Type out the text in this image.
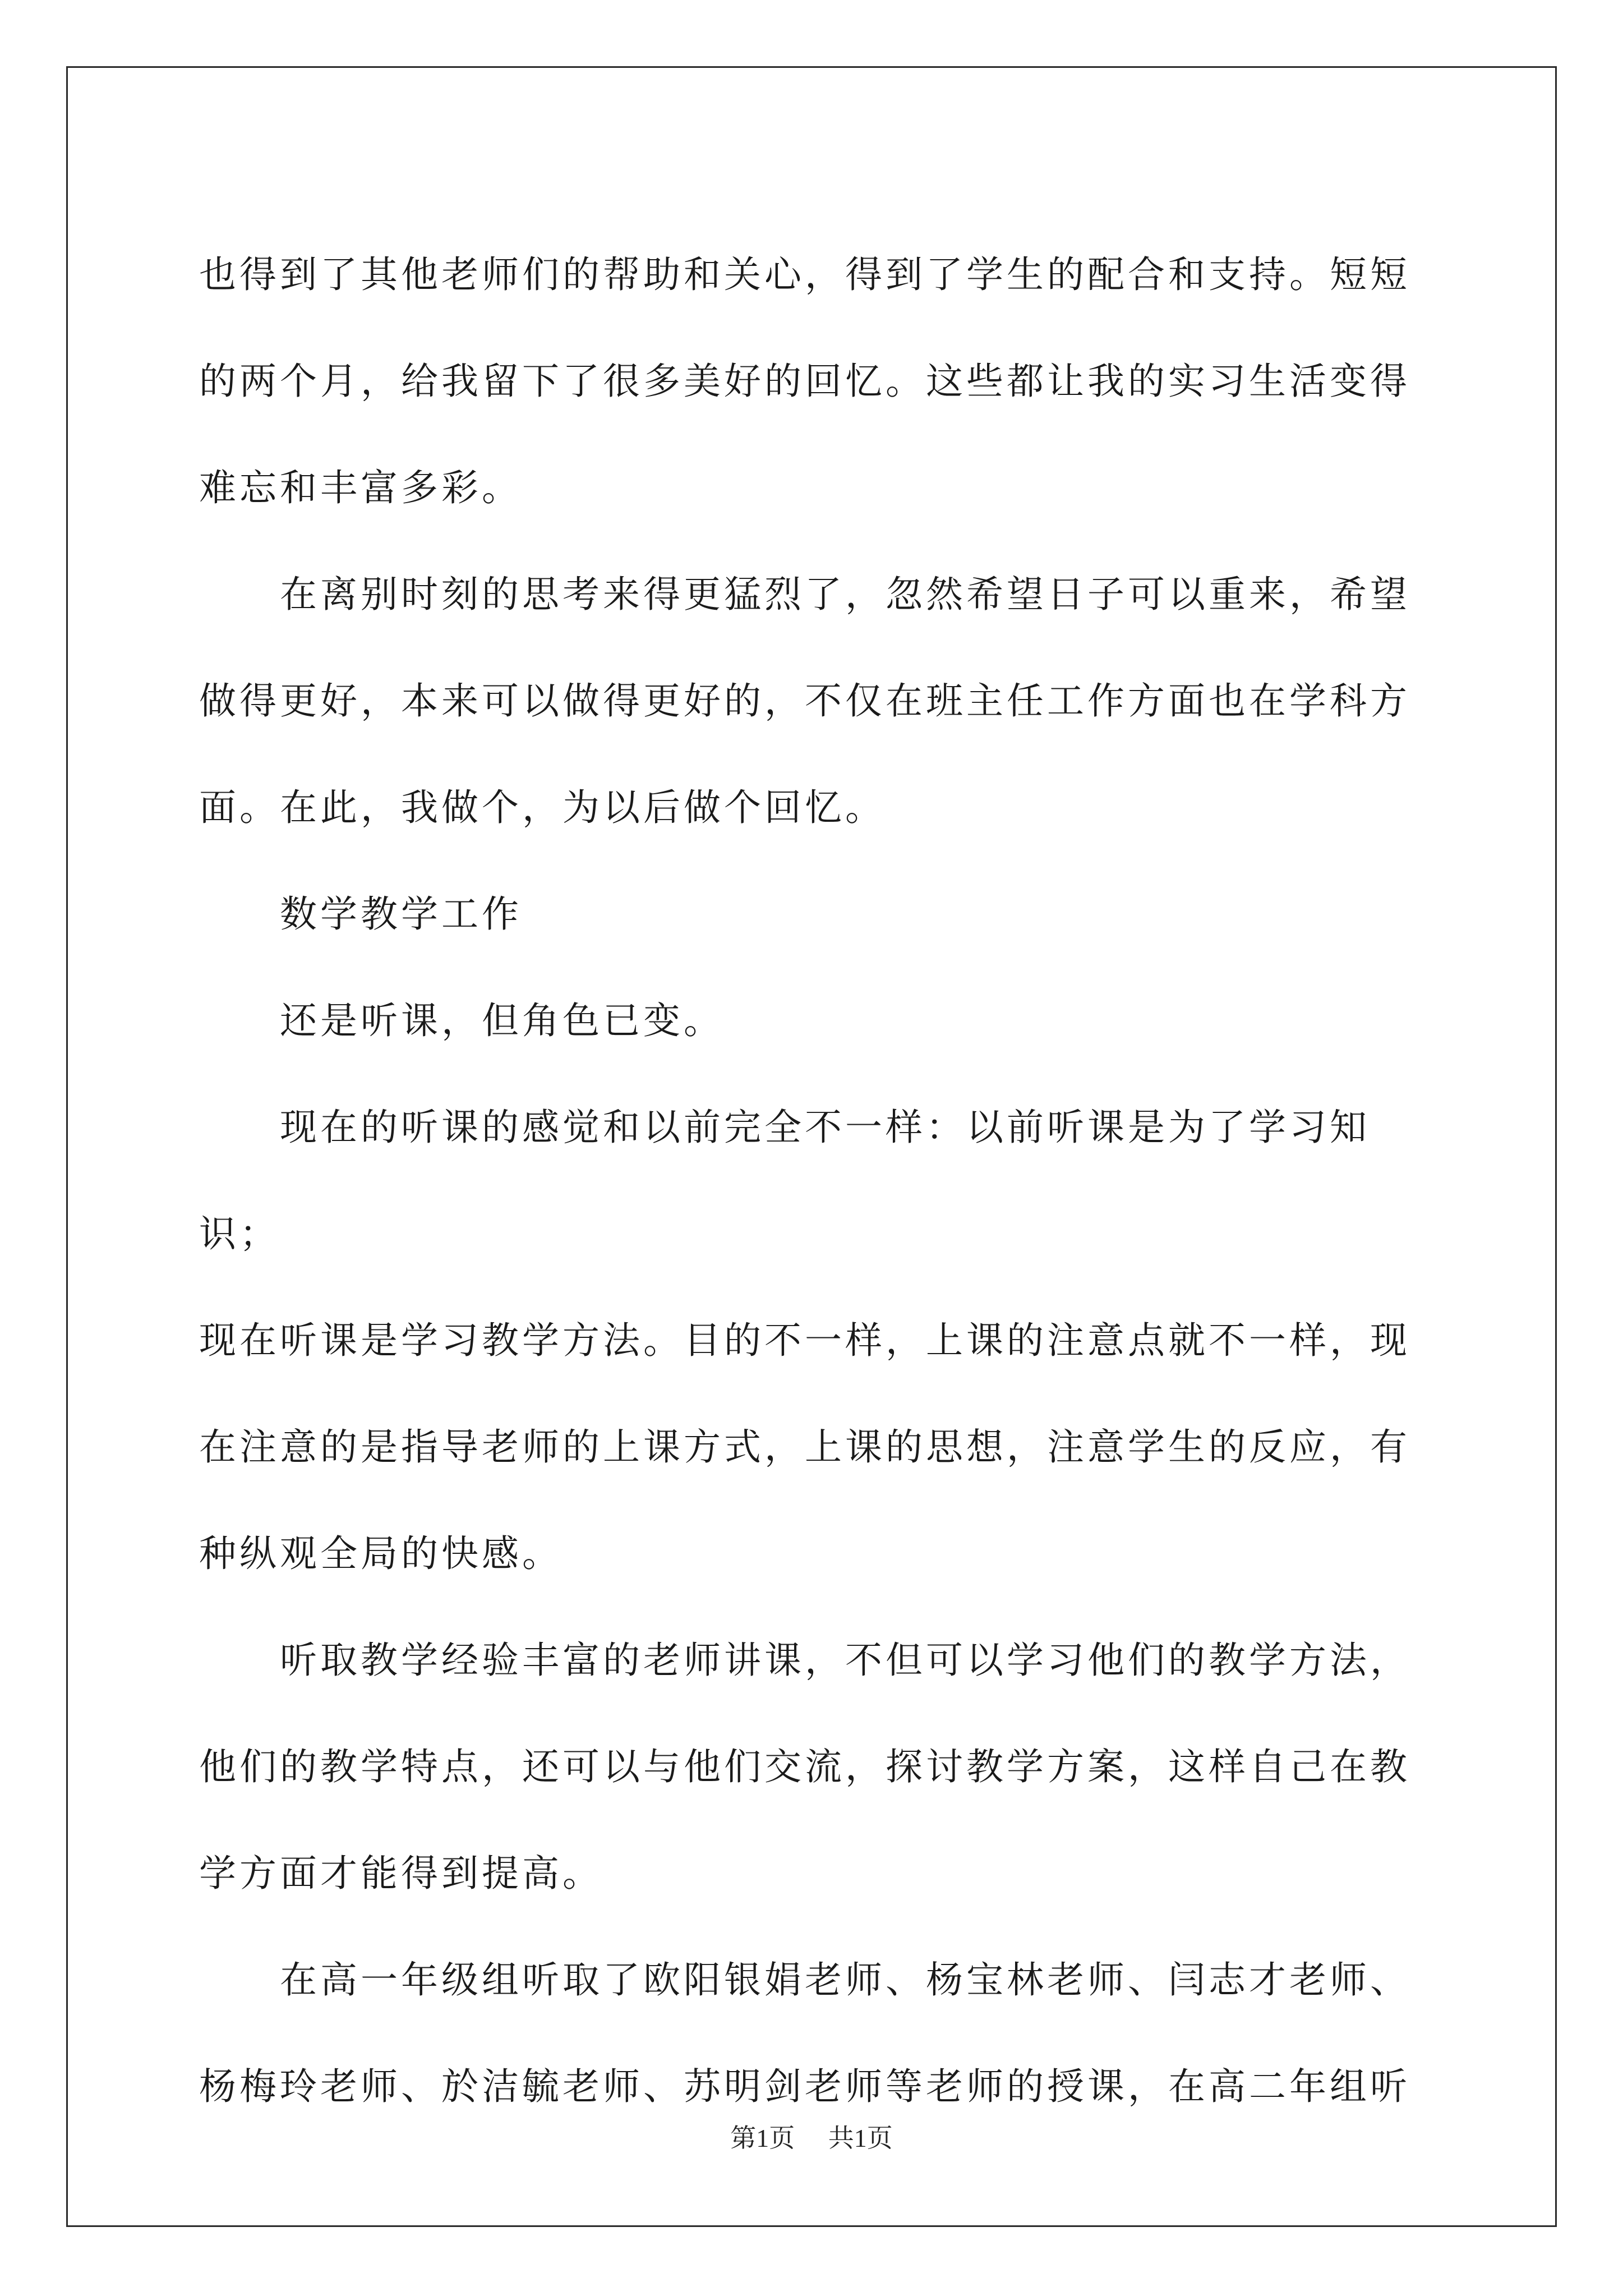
也得到了其他老师们的帮助和关心，得到了学生的配合和支持。短短

的两个月，给我留下了很多美好的回忆。这些都让我的实习生活变得

难忘和丰富多彩。

在离别时刻的思考来得更猛烈了，忽然希望日子可以重来，希望

做得更好，本来可以做得更好的，不仅在班主任工作方面也在学科方

面。在此，我做个，为以后做个回忆。

数学教学工作

还是听课，但角色已变。

现在的听课的感觉和以前完全不一样：以前听课是为了学习知识；

现在听课是学习教学方法。目的不一样，上课的注意点就不一样，现

在注意的是指导老师的上课方式，上课的思想，注意学生的反应，有

种纵观全局的快感。

听取教学经验丰富的老师讲课，不但可以学习他们的教学方法，

他们的教学特点，还可以与他们交流，探讨教学方案，这样自己在教

学方面才能得到提高。

在高一年级组听取了欧阳银娟老师、杨宝林老师、闫志才老师、

杨梅玲老师、於洁毓老师、苏明剑老师等老师的授课，在高二年组听

第1页 共1页
